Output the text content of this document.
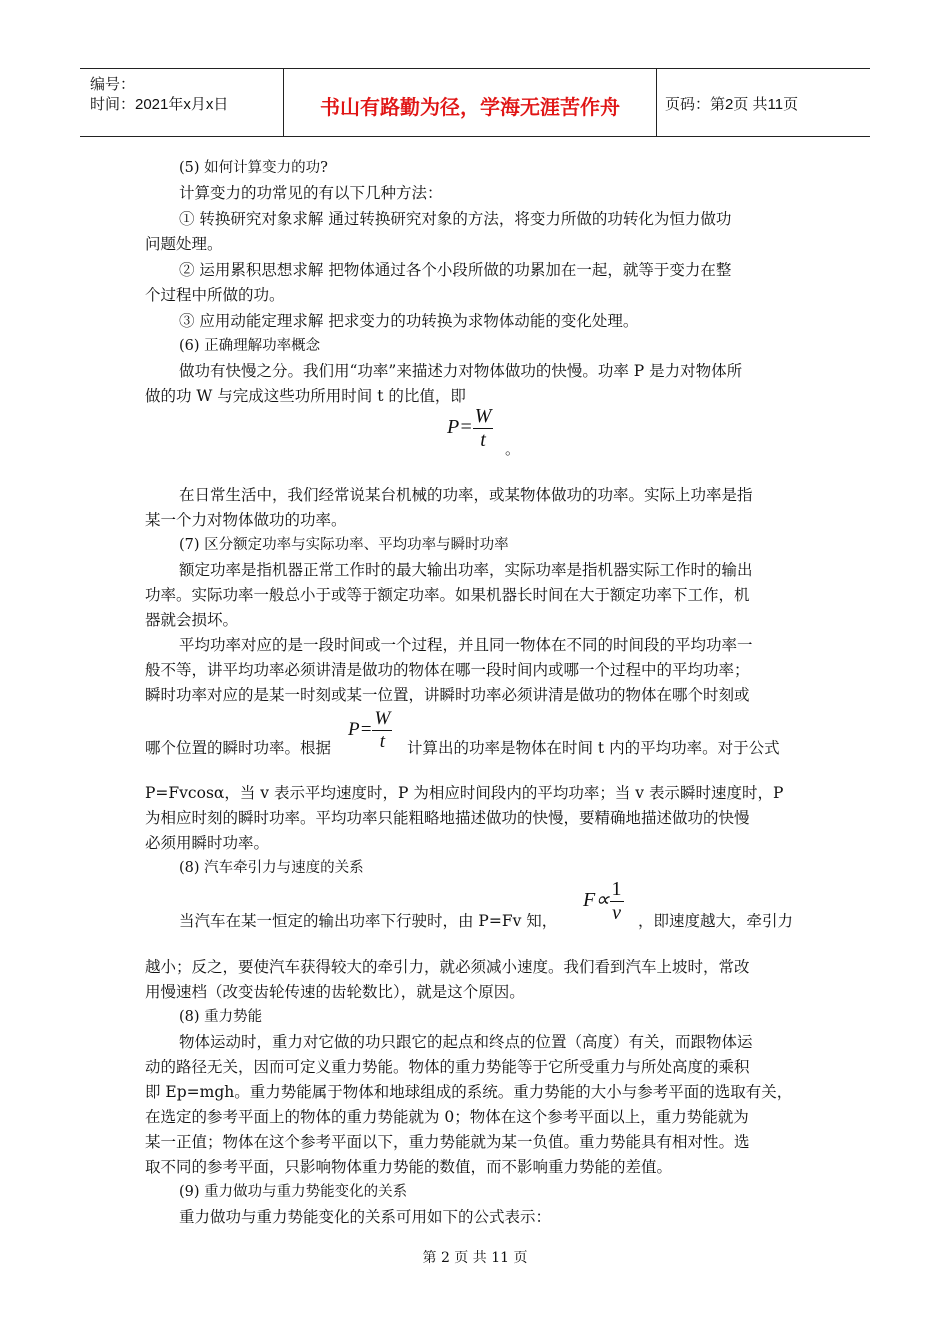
编号：
时间：2021年x月x日	书山有路勤为径，学海无涯苦作舟	页码：第2页 共11页

(5) 如何计算变力的功?

计算变力的功常见的有以下几种方法：

① 转换研究对象求解 通过转换研究对象的方法，将变力所做的功转化为恒力做功

问题处理。

② 运用累积思想求解 把物体通过各个小段所做的功累加在一起，就等于变力在整

个过程中所做的功。

③ 应用动能定理求解 把求变力的功转换为求物体动能的变化处理。

(6) 正确理解功率概念

做功有快慢之分。我们用“功率”来描述力对物体做功的快慢。功率 P 是力对物体所

做的功 W 与完成这些功所用时间 t 的比值，即

$P= \frac{W}{t}$ 。

在日常生活中，我们经常说某台机械的功率，或某物体做功的功率。实际上功率是指

某一个力对物体做功的功率。

(7) 区分额定功率与实际功率、平均功率与瞬时功率

额定功率是指机器正常工作时的最大输出功率，实际功率是指机器实际工作时的输出

功率。实际功率一般总小于或等于额定功率。如果机器长时间在大于额定功率下工作，机

器就会损坏。

平均功率对应的是一段时间或一个过程，并且同一物体在不同的时间段的平均功率一

般不等，讲平均功率必须讲清是做功的物体在哪一段时间内或哪一个过程中的平均功率；

瞬时功率对应的是某一时刻或某一位置，讲瞬时功率必须讲清是做功的物体在哪个时刻或

哪个位置的瞬时功率。根据

$P= \frac{W}{t}$ 计算出的功率是物体在时间 t 内的平均功率。对于公式

P=Fvcosα，当 v 表示平均速度时，P 为相应时间段内的平均功率；当 v 表示瞬时速度时，P

为相应时刻的瞬时功率。平均功率只能粗略地描述做功的快慢，要精确地描述做功的快慢

必须用瞬时功率。

(8) 汽车牵引力与速度的关系

当汽车在某一恒定的输出功率下行驶时，由 P=Fv 知，

$F\propto \frac{1}{v}$ ，即速度越大，牵引力

越小；反之，要使汽车获得较大的牵引力，就必须减小速度。我们看到汽车上坡时，常改

用慢速档（改变齿轮传速的齿轮数比），就是这个原因。

(8) 重力势能

物体运动时，重力对它做的功只跟它的起点和终点的位置（高度）有关，而跟物体运

动的路径无关，因而可定义重力势能。物体的重力势能等于它所受重力与所处高度的乘积

即 Ep=mgh。重力势能属于物体和地球组成的系统。重力势能的大小与参考平面的选取有关，

在选定的参考平面上的物体的重力势能就为 0；物体在这个参考平面以上，重力势能就为

某一正值；物体在这个参考平面以下，重力势能就为某一负值。重力势能具有相对性。选

取不同的参考平面，只影响物体重力势能的数值，而不影响重力势能的差值。

(9) 重力做功与重力势能变化的关系

重力做功与重力势能变化的关系可用如下的公式表示：

第 2 页 共 11 页
